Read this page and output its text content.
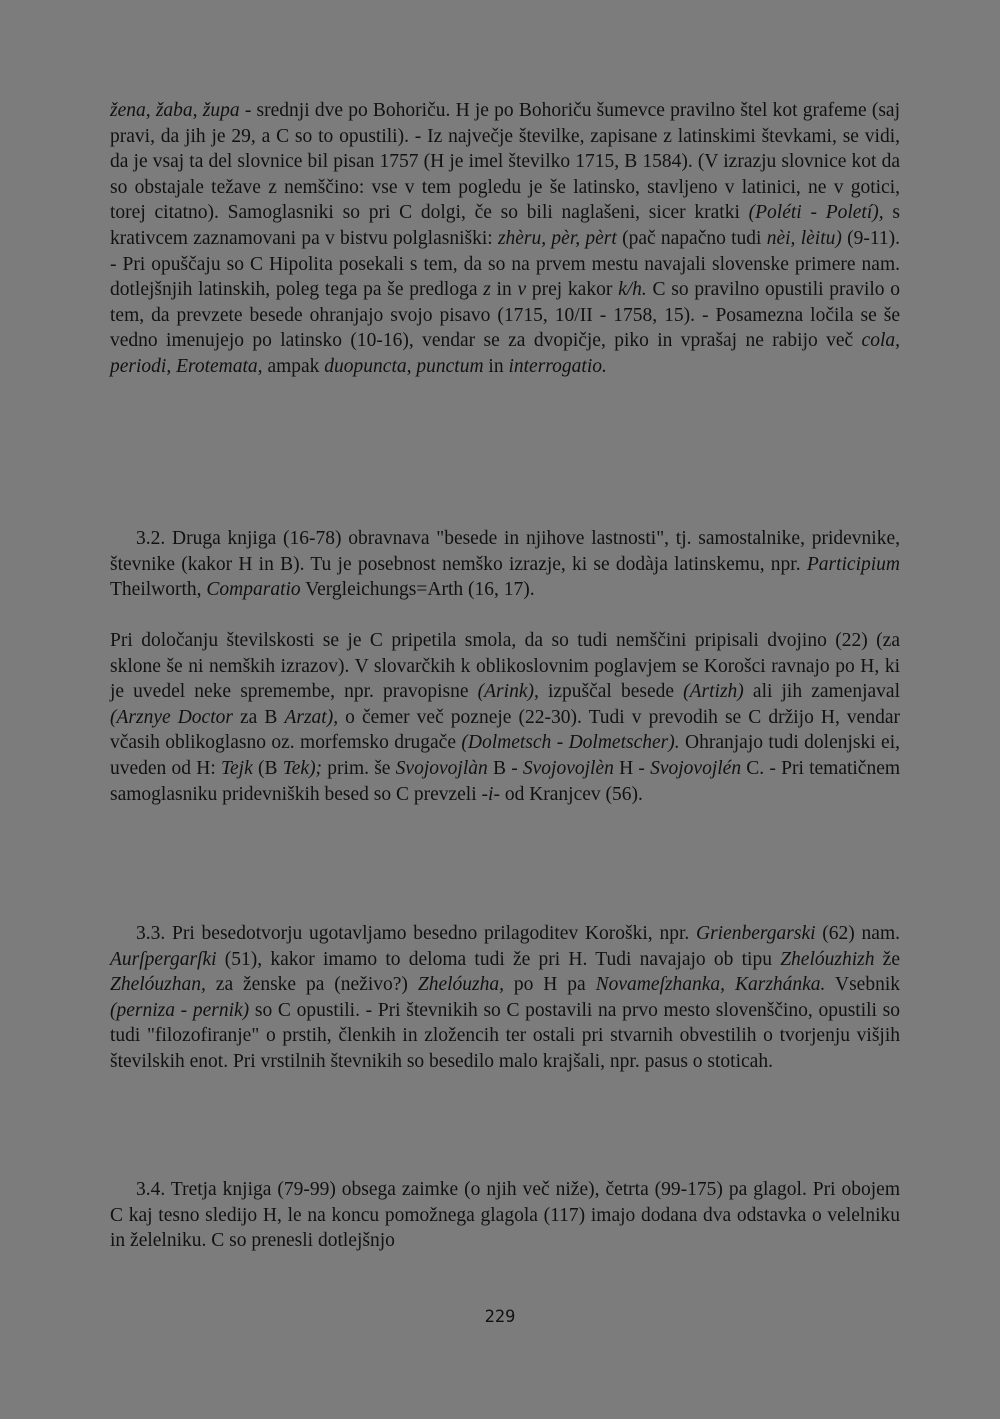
žena, žaba, župa - srednji dve po Bohoriču. H je po Bohoriču šumevce pravilno štel kot grafeme (saj pravi, da jih je 29, a C so to opustili). - Iz največje številke, zapisane z latinskimi števkami, se vidi, da je vsaj ta del slovnice bil pisan 1757 (H je imel številko 1715, B 1584). (V izrazju slovnice kot da so obstajale težave z nemščino: vse v tem pogledu je še latinsko, stavljeno v latinici, ne v gotici, torej citatno). Samoglasniki so pri C dolgi, če so bili naglašeni, sicer kratki (Poléti - Poletí), s krativcem zaznamovani pa v bistvu polglasniški: zhèru, pèr, pèrt (pač napačno tudi nèi, lèitu) (9-11). - Pri opuščaju so C Hipolita posekali s tem, da so na prvem mestu navajali slovenske primere nam. dotlejšnjih latinskih, poleg tega pa še predloga z in v prej kakor k/h. C so pravilno opustili pravilo o tem, da prevzete besede ohranjajo svojo pisavo (1715, 10/II - 1758, 15). - Posamezna ločila se še vedno imenujejo po latinsko (10-16), vendar se za dvopičje, piko in vprašaj ne rabijo več cola, periodi, Erotemata, ampak duopuncta, punctum in interrogatio.

3.2. Druga knjiga (16-78) obravnava "besede in njihove lastnosti", tj. samostalnike, pridevnike, števnike (kakor H in B). Tu je posebnost nemško izrazje, ki se dodàja latinskemu, npr. Participium Theilworth, Comparatio Vergleichungs=Arth (16, 17).

Pri določanju številskosti se je C pripetila smola, da so tudi nemščini pripisali dvojino (22) (za sklone še ni nemških izrazov). V slovarčkih k oblikoslovnim poglavjem se Korošci ravnajo po H, ki je uvedel neke spremembe, npr. pravopisne (Arink), izpuščal besede (Artizh) ali jih zamenjaval (Arznye Doctor za B Arzat), o čemer več pozneje (22-30). Tudi v prevodih se C držijo H, vendar včasih oblikoglasno oz. morfemsko drugače (Dolmetsch - Dolmetscher). Ohranjajo tudi dolenjski ei, uveden od H: Tejk (B Tek); prim. še Svojovojlàn B - Svojovojlèn H - Svojovojlén C. - Pri tematičnem samoglasniku pridevniških besed so C prevzeli -i- od Kranjcev (56).

3.3. Pri besedotvorju ugotavljamo besedno prilagoditev Koroški, npr. Grienbergarski (62) nam. Aurſpergarſki (51), kakor imamo to deloma tudi že pri H. Tudi navajajo ob tipu Zhelóuzhizh že Zhelóuzhan, za ženske pa (neživo?) Zhelóuzha, po H pa Novameſzhanka, Karzhánka. Vsebnik (perniza - pernik) so C opustili. - Pri števnikih so C postavili na prvo mesto slovenščino, opustili so tudi "filozofiranje" o prstih, členkih in zložencih ter ostali pri stvarnih obvestilih o tvorjenju višjih številskih enot. Pri vrstilnih števnikih so besedilo malo krajšali, npr. pasus o stoticah.

3.4. Tretja knjiga (79-99) obsega zaimke (o njih več niže), četrta (99-175) pa glagol. Pri obojem C kaj tesno sledijo H, le na koncu pomožnega glagola (117) imajo dodana dva odstavka o velelniku in želelniku. C so prenesli dotlejšnjo

229
